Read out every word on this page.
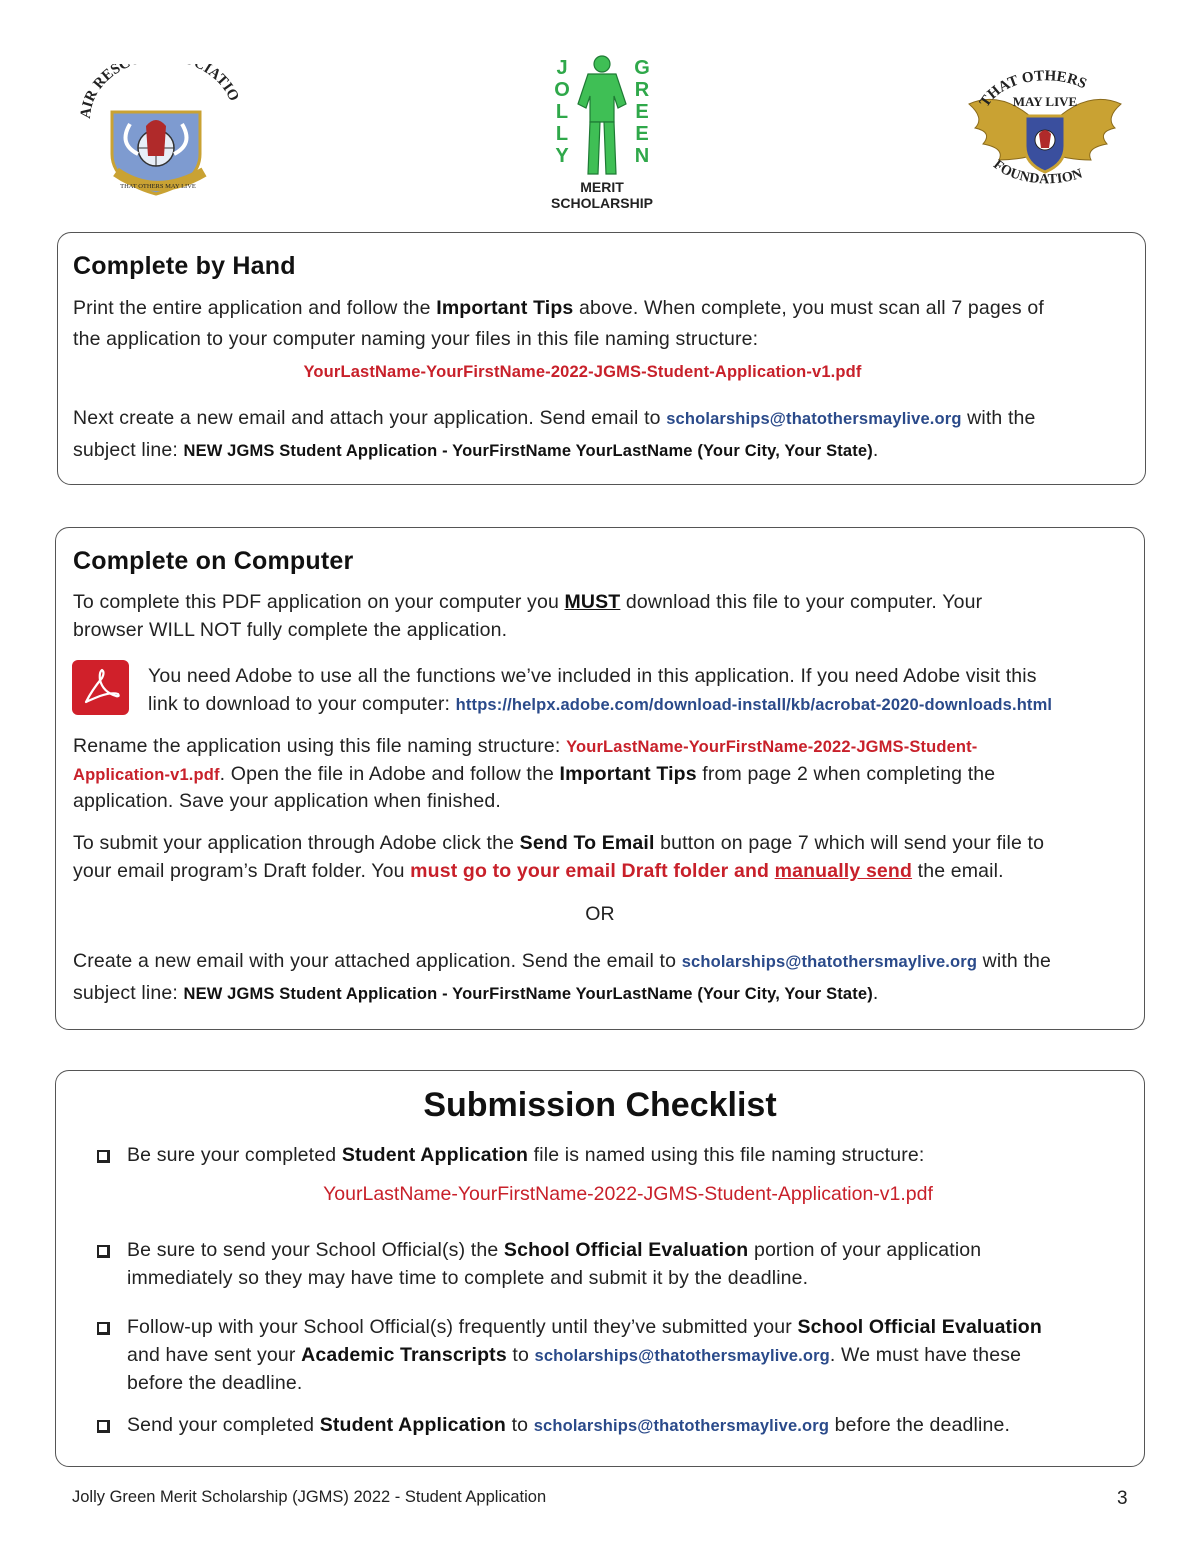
IR RESC CIATIO
THAT OTHERS MAY LIVE
J
O
L
L
Y
G
R
E
E
N
MERIT
SCHOLARSHIP
THAT OTHERS
MAY LIVE
FOUNDATION
Complete by Hand
Print the entire application and follow the Important Tips above. When complete, you must scan all 7 pages of
the application to your computer naming your files in this file naming structure:
YourLastName-YourFirstName-2022-JGMS-Student-Application-v1.pdf
Next create a new email and attach your application. Send email to scholarships@thatothersmaylive.org with the
subject line: NEW JGMS Student Application - YourFirstName YourLastName (Your City, Your State).
Complete on Computer
To complete this PDF application on your computer you MUST download this file to your computer. Your
browser WILL NOT fully complete the application.
You need Adobe to use all the functions we’ve included in this application. If you need Adobe visit this
link to download to your computer: https://helpx.adobe.com/download-install/kb/acrobat-2020-downloads.html
Rename the application using this file naming structure: YourLastName-YourFirstName-2022-JGMS-Student-
Application-v1.pdf. Open the file in Adobe and follow the Important Tips from page 2 when completing the
application. Save your application when finished.
To submit your application through Adobe click the Send To Email button on page 7 which will send your file to
your email program’s Draft folder. You must go to your email Draft folder and manually send the email.
OR
Create a new email with your attached application. Send the email to scholarships@thatothersmaylive.org with the
subject line: NEW JGMS Student Application - YourFirstName YourLastName (Your City, Your State).
Submission Checklist
Be sure your completed Student Application file is named using this file naming structure:
YourLastName-YourFirstName-2022-JGMS-Student-Application-v1.pdf
Be sure to send your School Official(s) the School Official Evaluation portion of your application
immediately so they may have time to complete and submit it by the deadline.
Follow-up with your School Official(s) frequently until they’ve submitted your School Official Evaluation
and have sent your Academic Transcripts to scholarships@thatothersmaylive.org. We must have these
before the deadline.
Send your completed Student Application to scholarships@thatothersmaylive.org before the deadline.
Jolly Green Merit Scholarship (JGMS) 2022 - Student Application	3
